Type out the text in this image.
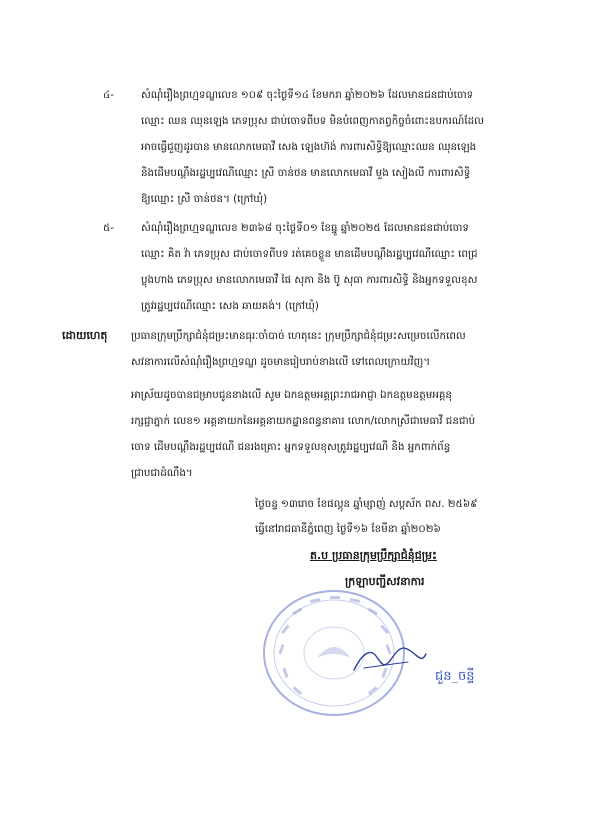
៤-	សំណុំរឿងព្រហ្មទណ្ឌលេខ ១០៩ ចុះថ្ងៃទី១៤ ខែមករា ឆ្នាំ២០២៦ ដែលមានជនជាប់ចោទ
ឈ្មោះ ឈន ឈុនឡេង ភេទប្រុស ជាប់ចោទពីបទ មិនបំពេញកាតព្វកិច្ចចំពោះឧបករណ៍ដែល
អាចធ្វើជួញដូរបាន មានលោកមេធាវី សេង ឡេងហ៊ង់ ការពារសិទ្ធិឱ្យឈ្មោះឈន ឈុនឡេង
និងដើមបណ្តឹងរដ្ឋប្បវេណីឈ្មោះ ស្រី ចាន់ថន មានលោកមេធាវី មួង សៀងលី ការពារសិទ្ធិ
ឱ្យឈ្មោះ ស្រី ចាន់ថន។ (ក្រៅឃុំ)
៥-	សំណុំរឿងព្រហ្មទណ្ឌលេខ ២៣៦៨ ចុះថ្ងៃទី០១ ខែធ្នូ ឆ្នាំ២០២៥ ដែលមានជនជាប់ចោទ
ឈ្មោះ គិត វ៉ា ភេទប្រុស ជាប់ចោទពីបទ រត់គេចខ្លួន មានដើមបណ្តឹងរដ្ឋប្បវេណីឈ្មោះ ពេជ្រ
ប្លុងហាង ភេទប្រុស មានលោកមេធាវី ផៃ សុភា និង ប៊ូ សុធា ការពារសិទ្ធិ និងអ្នកទទួលខុស
ត្រូវរដ្ឋប្បវេណីឈ្មោះ សេង ឆាយគង់។ (ក្រៅឃុំ)
ដោយហេតុ ប្រធានក្រុមប្រឹក្សាជំនុំជម្រះមានធុរៈចាំបាច់ ហេតុនេះ ក្រុមប្រឹក្សាជំនុំជម្រះសម្រេចលើកពេល
សវនាការលើសំណុំរឿងព្រហ្មទណ្ឌ ដូចមានរៀបរាប់ខាងលើ ទៅពេលក្រោយវិញ។
អាស្រ័យដូចបានជម្រាបជូនខាងលើ សូម ឯកឧត្តមអគ្គព្រះរាជអាជ្ញា ឯកឧត្តមឧត្តមអគ្គនុ
រក្សជ្ជាភ្នាក់ លេខ១ អគ្គនាយកនៃអគ្គនាយកដ្ឋានពន្ធនាគារ លោក/លោកស្រីជាមេធាវី ជនជាប់
ចោទ ដើមបណ្តឹងរដ្ឋប្បវេណី ជនរងគ្រោះ អ្នកទទួលខុសត្រូវរដ្ឋប្បវេណី និង អ្នកពាក់ព័ន្ធ
ជ្រាបជាដំណឹង។
ថ្ងៃចន្ទ ១៣រោច ខែផល្គុន ឆ្នាំម្សាញ់ សប្តស័ក ពស. ២៥៦៩
ធ្វើនៅរាជធានីភ្នំពេញ ថ្ងៃទី១៦ ខែមីនា ឆ្នាំ២០២៦
ត.ប ប្រធានក្រុមប្រឹក្សាជំនុំជម្រះ
ក្រឡាបញ្ជីសវនាការ
ជួន_ចន្ទី
